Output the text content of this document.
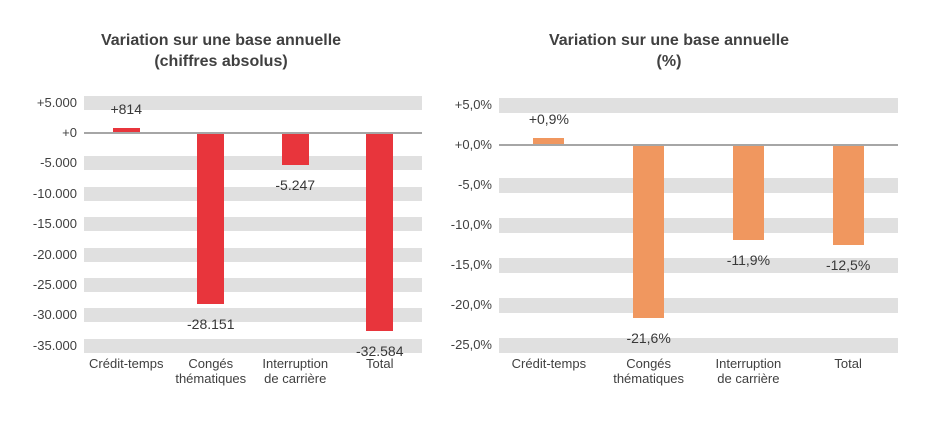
Variation sur une base annuelle
(chiffres absolus)
Variation sur une base annuelle
(%)
+5.000
+0
-5.000
-10.000
-15.000
-20.000
-25.000
-30.000
-35.000
+814
Crédit-temps
-28.151
Congés
thématiques
-5.247
Interruption
de carrière
-32.584
Total
+5,0%
+0,0%
-5,0%
-10,0%
-15,0%
-20,0%
-25,0%
+0,9%
Crédit-temps
-21,6%
Congés
thématiques
-11,9%
Interruption
de carrière
-12,5%
Total
